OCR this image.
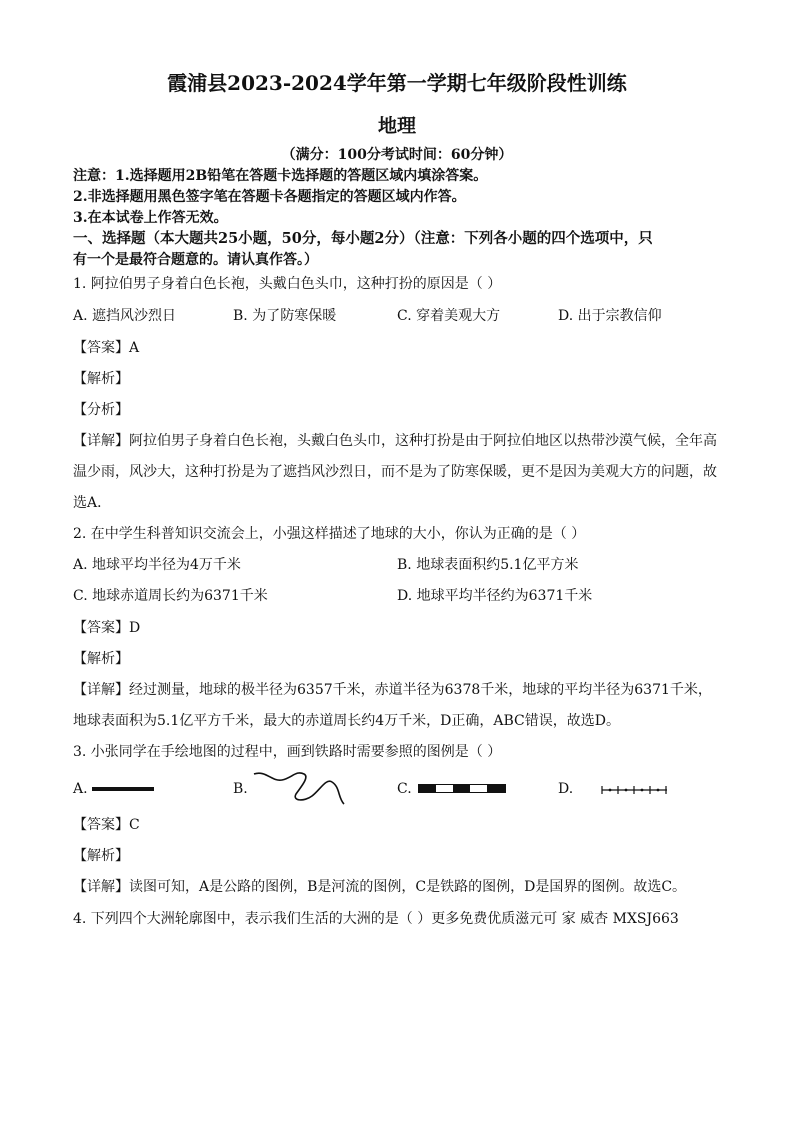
霞浦县2023-2024学年第一学期七年级阶段性训练
地理
（满分：100分考试时间：60分钟）
注意：1.选择题用2B铅笔在答题卡选择题的答题区域内填涂答案。
2.非选择题用黑色签字笔在答题卡各题指定的答题区域内作答。
3.在本试卷上作答无效。
一、选择题（本大题共25小题，50分，每小题2分）（注意：下列各小题的四个选项中，只
有一个是最符合题意的。请认真作答。）
1. 阿拉伯男子身着白色长袍，头戴白色头巾，这种打扮的原因是（ ）
A. 遮挡风沙烈日	B. 为了防寒保暖	C. 穿着美观大方	D. 出于宗教信仰
【答案】A
【解析】
【分析】
【详解】阿拉伯男子身着白色长袍，头戴白色头巾，这种打扮是由于阿拉伯地区以热带沙漠气候，全年高
温少雨，风沙大，这种打扮是为了遮挡风沙烈日，而不是为了防寒保暖，更不是因为美观大方的问题，故
选A．
2. 在中学生科普知识交流会上，小强这样描述了地球的大小，你认为正确的是（ ）
A. 地球平均半径为4万千米	B. 地球表面积约5.1亿平方米
C. 地球赤道周长约为6371千米	D. 地球平均半径约为6371千米
【答案】D
【解析】
【详解】经过测量，地球的极半径为6357千米，赤道半径为6378千米，地球的平均半径为6371千米，
地球表面积为5.1亿平方千米，最大的赤道周长约4万千米，D正确，ABC错误，故选D。
3. 小张同学在手绘地图的过程中，画到铁路时需要参照的图例是（ ）
A.	B.	C.	D.
【答案】C
【解析】
【详解】读图可知，A是公路的图例，B是河流的图例，C是铁路的图例，D是国界的图例。故选C。
4. 下列四个大洲轮廓图中，表示我们生活的大洲的是（ ）更多免费优质滋元可 家 威杏 MXSJ663
